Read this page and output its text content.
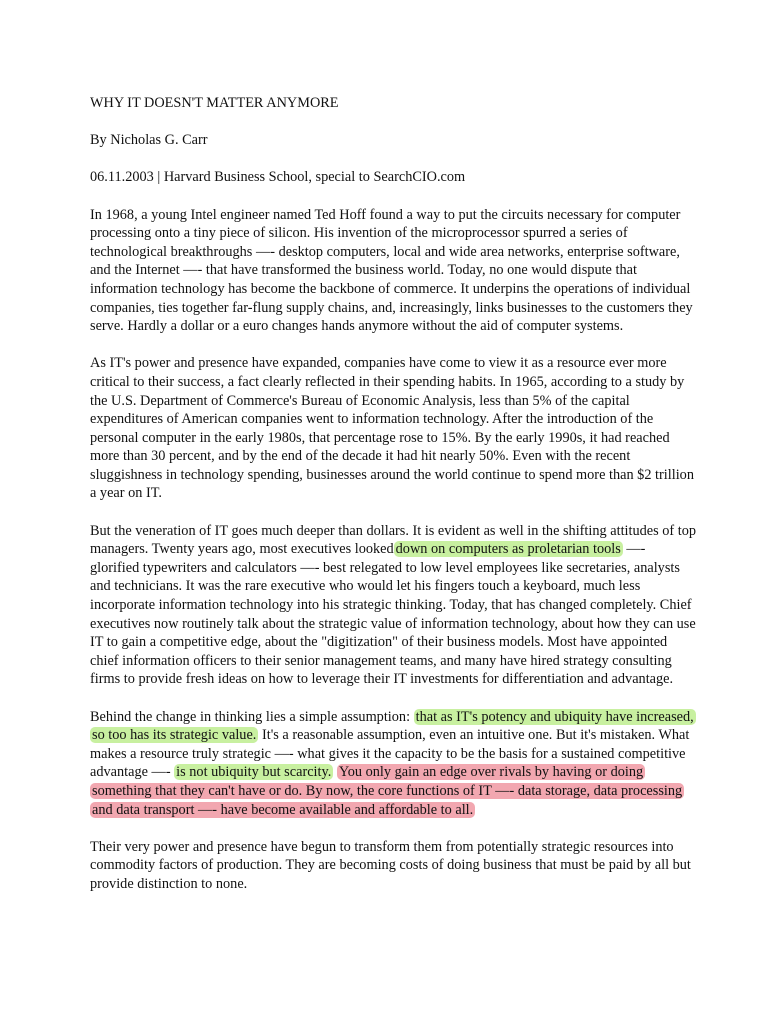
WHY IT DOESN'T MATTER ANYMORE
By Nicholas G. Carr
06.11.2003 | Harvard Business School, special to SearchCIO.com
In 1968, a young Intel engineer named Ted Hoff found a way to put the circuits necessary for computer
processing onto a tiny piece of silicon. His invention of the microprocessor spurred a series of
technological breakthroughs —- desktop computers, local and wide area networks, enterprise software,
and the Internet —- that have transformed the business world. Today, no one would dispute that
information technology has become the backbone of commerce. It underpins the operations of individual
companies, ties together far-flung supply chains, and, increasingly, links businesses to the customers they
serve. Hardly a dollar or a euro changes hands anymore without the aid of computer systems.
As IT's power and presence have expanded, companies have come to view it as a resource ever more
critical to their success, a fact clearly reflected in their spending habits. In 1965, according to a study by
the U.S. Department of Commerce's Bureau of Economic Analysis, less than 5% of the capital
expenditures of American companies went to information technology. After the introduction of the
personal computer in the early 1980s, that percentage rose to 15%. By the early 1990s, it had reached
more than 30 percent, and by the end of the decade it had hit nearly 50%. Even with the recent
sluggishness in technology spending, businesses around the world continue to spend more than $2 trillion
a year on IT.
But the veneration of IT goes much deeper than dollars. It is evident as well in the shifting attitudes of top
managers. Twenty years ago, most executives looked down on computers as proletarian tools —-
glorified typewriters and calculators —- best relegated to low level employees like secretaries, analysts
and technicians. It was the rare executive who would let his fingers touch a keyboard, much less
incorporate information technology into his strategic thinking. Today, that has changed completely. Chief
executives now routinely talk about the strategic value of information technology, about how they can use
IT to gain a competitive edge, about the "digitization" of their business models. Most have appointed
chief information officers to their senior management teams, and many have hired strategy consulting
firms to provide fresh ideas on how to leverage their IT investments for differentiation and advantage.
Behind the change in thinking lies a simple assumption: that as IT's potency and ubiquity have increased,
so too has its strategic value. It's a reasonable assumption, even an intuitive one. But it's mistaken. What
makes a resource truly strategic —- what gives it the capacity to be the basis for a sustained competitive
advantage —- is not ubiquity but scarcity. You only gain an edge over rivals by having or doing
something that they can't have or do. By now, the core functions of IT —- data storage, data processing
and data transport —- have become available and affordable to all.
Their very power and presence have begun to transform them from potentially strategic resources into
commodity factors of production. They are becoming costs of doing business that must be paid by all but
provide distinction to none.
